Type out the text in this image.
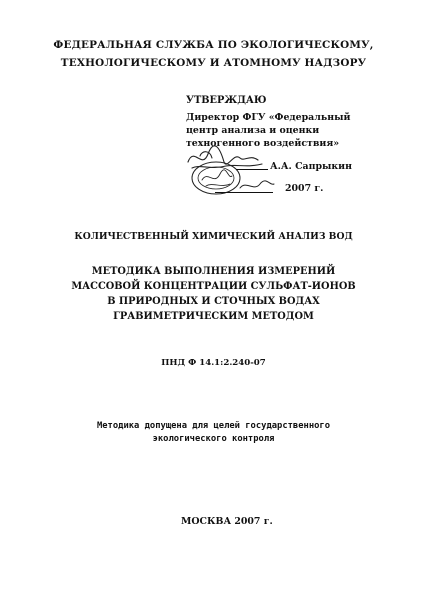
ФЕДЕРАЛЬНАЯ СЛУЖБА ПО ЭКОЛОГИЧЕСКОМУ,
ТЕХНОЛОГИЧЕСКОМУ И АТОМНОМУ НАДЗОРУ
УТВЕРЖДАЮ
Директор ФГУ «Федеральный
центр анализа и оценки
техногенного воздействия»
А.А. Сапрыкин
2007 г.
КОЛИЧЕСТВЕННЫЙ ХИМИЧЕСКИЙ АНАЛИЗ ВОД
МЕТОДИКА ВЫПОЛНЕНИЯ ИЗМЕРЕНИЙ
МАССОВОЙ КОНЦЕНТРАЦИИ СУЛЬФАТ-ИОНОВ
В ПРИРОДНЫХ И СТОЧНЫХ ВОДАХ
ГРАВИМЕТРИЧЕСКИМ МЕТОДОМ
ПНД Ф 14.1:2.240-07
Методика допущена для целей государственного
экологического контроля
МОСКВА 2007 г.
